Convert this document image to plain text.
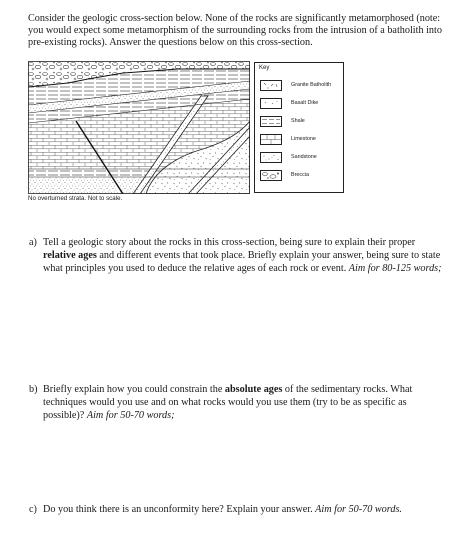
Consider the geologic cross-section below. None of the rocks are significantly metamorphosed (note: you would expect some metamorphism of the surrounding rocks from the intrusion of a batholith into pre-existing rocks). Answer the questions below on this cross-section.
No overturned strata. Not to scale.
Key
Granite Batholith
Basalt Dike
Shale
Limestone
Sandstone
Breccia
a) Tell a geologic story about the rocks in this cross-section, being sure to explain their proper relative ages and different events that took place. Briefly explain your answer, being sure to state what principles you used to deduce the relative ages of each rock or event. Aim for 80-125 words;
b) Briefly explain how you could constrain the absolute ages of the sedimentary rocks. What techniques would you use and on what rocks would you use them (try to be as specific as possible)? Aim for 50-70 words;
c) Do you think there is an unconformity here? Explain your answer. Aim for 50-70 words.
